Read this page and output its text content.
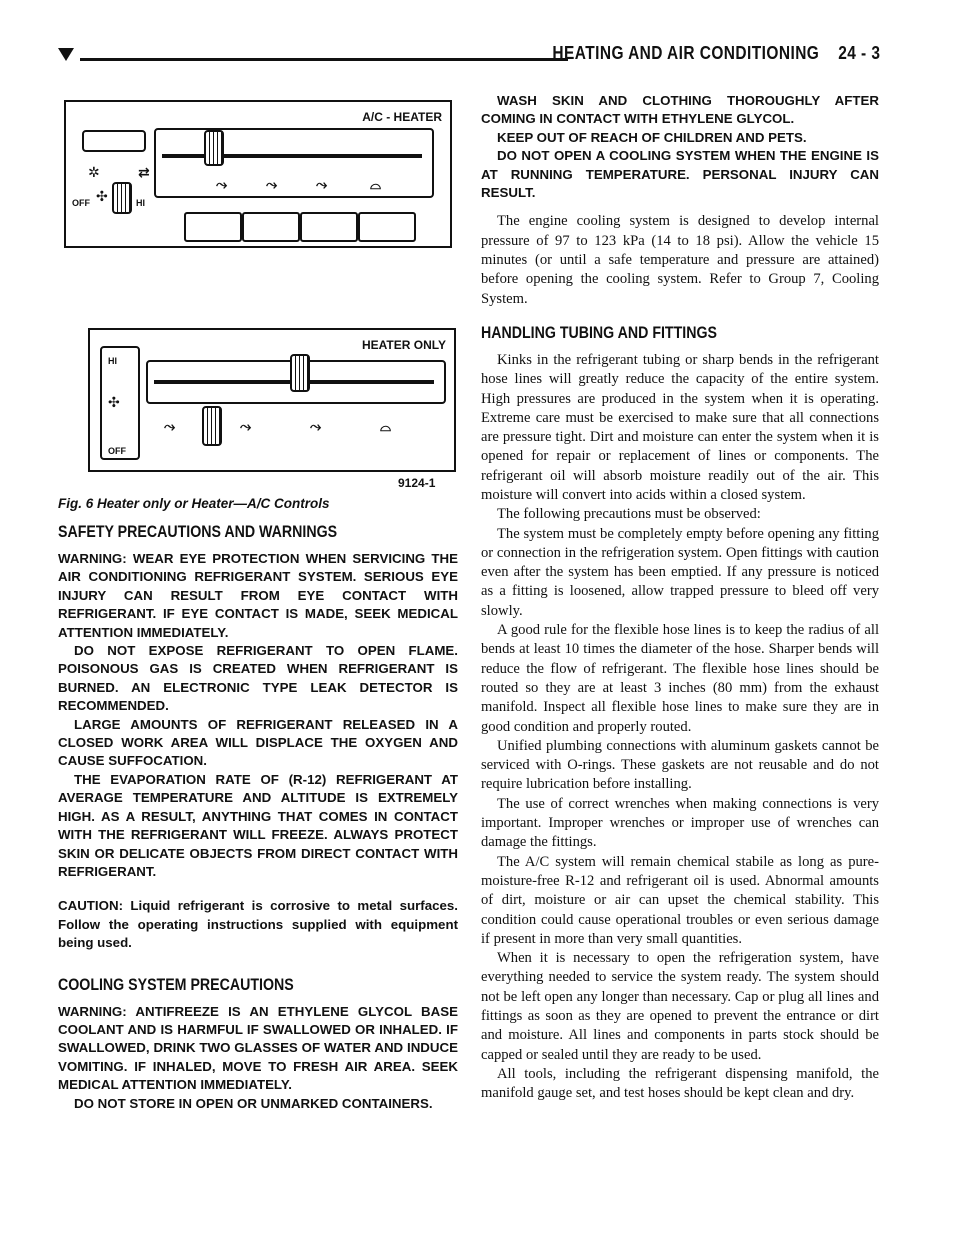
HEATING AND AIR CONDITIONING    24 - 3
A/C - HEATER
✲	⇄
OFF ✣	HI
⤳	⤳	⤳	⌓
HEATER ONLY
HI
✣
OFF
⤳	⤳	⤳	⌓
9124-1
Fig. 6 Heater only or Heater—A/C Controls
SAFETY PRECAUTIONS AND WARNINGS

WARNING: WEAR EYE PROTECTION WHEN SERVICING THE AIR CONDITIONING REFRIGERANT SYSTEM. SERIOUS EYE INJURY CAN RESULT FROM EYE CONTACT WITH REFRIGERANT. IF EYE CONTACT IS MADE, SEEK MEDICAL ATTENTION IMMEDIATELY.

DO NOT EXPOSE REFRIGERANT TO OPEN FLAME. POISONOUS GAS IS CREATED WHEN REFRIGERANT IS BURNED. AN ELECTRONIC TYPE LEAK DETECTOR IS RECOMMENDED.

LARGE AMOUNTS OF REFRIGERANT RELEASED IN A CLOSED WORK AREA WILL DISPLACE THE OXYGEN AND CAUSE SUFFOCATION.

THE EVAPORATION RATE OF (R-12) REFRIGERANT AT AVERAGE TEMPERATURE AND ALTITUDE IS EXTREMELY HIGH. AS A RESULT, ANYTHING THAT COMES IN CONTACT WITH THE REFRIGERANT WILL FREEZE. ALWAYS PROTECT SKIN OR DELICATE OBJECTS FROM DIRECT CONTACT WITH REFRIGERANT.

CAUTION: Liquid refrigerant is corrosive to metal surfaces. Follow the operating instructions supplied with equipment being used.

COOLING SYSTEM PRECAUTIONS

WARNING: ANTIFREEZE IS AN ETHYLENE GLYCOL BASE COOLANT AND IS HARMFUL IF SWALLOWED OR INHALED. IF SWALLOWED, DRINK TWO GLASSES OF WATER AND INDUCE VOMITING. IF INHALED, MOVE TO FRESH AIR AREA. SEEK MEDICAL ATTENTION IMMEDIATELY.

DO NOT STORE IN OPEN OR UNMARKED CONTAINERS.

WASH SKIN AND CLOTHING THOROUGHLY AFTER COMING IN CONTACT WITH ETHYLENE GLYCOL.

KEEP OUT OF REACH OF CHILDREN AND PETS.

DO NOT OPEN A COOLING SYSTEM WHEN THE ENGINE IS AT RUNNING TEMPERATURE. PERSONAL INJURY CAN RESULT.

The engine cooling system is designed to develop internal pressure of 97 to 123 kPa (14 to 18 psi). Allow the vehicle 15 minutes (or until a safe temperature and pressure are attained) before opening the cooling system. Refer to Group 7, Cooling System.

HANDLING TUBING AND FITTINGS

Kinks in the refrigerant tubing or sharp bends in the refrigerant hose lines will greatly reduce the capacity of the entire system. High pressures are produced in the system when it is operating. Extreme care must be exercised to make sure that all connections are pressure tight. Dirt and moisture can enter the system when it is opened for repair or replacement of lines or components. The refrigerant oil will absorb moisture readily out of the air. This moisture will convert into acids within a closed system.

The following precautions must be observed:

The system must be completely empty before opening any fitting or connection in the refrigeration system. Open fittings with caution even after the system has been emptied. If any pressure is noticed as a fitting is loosened, allow trapped pressure to bleed off very slowly.

A good rule for the flexible hose lines is to keep the radius of all bends at least 10 times the diameter of the hose. Sharper bends will reduce the flow of refrigerant. The flexible hose lines should be routed so they are at least 3 inches (80 mm) from the exhaust manifold. Inspect all flexible hose lines to make sure they are in good condition and properly routed.

Unified plumbing connections with aluminum gaskets cannot be serviced with O-rings. These gaskets are not reusable and do not require lubrication before installing.

The use of correct wrenches when making connections is very important. Improper wrenches or improper use of wrenches can damage the fittings.

The A/C system will remain chemical stabile as long as pure-moisture-free R-12 and refrigerant oil is used. Abnormal amounts of dirt, moisture or air can upset the chemical stability. This condition could cause operational troubles or even serious damage if present in more than very small quantities.

When it is necessary to open the refrigeration system, have everything needed to service the system ready. The system should not be left open any longer than necessary. Cap or plug all lines and fittings as soon as they are opened to prevent the entrance or dirt and moisture. All lines and components in parts stock should be capped or sealed until they are ready to be used.

All tools, including the refrigerant dispensing manifold, the manifold gauge set, and test hoses should be kept clean and dry.
